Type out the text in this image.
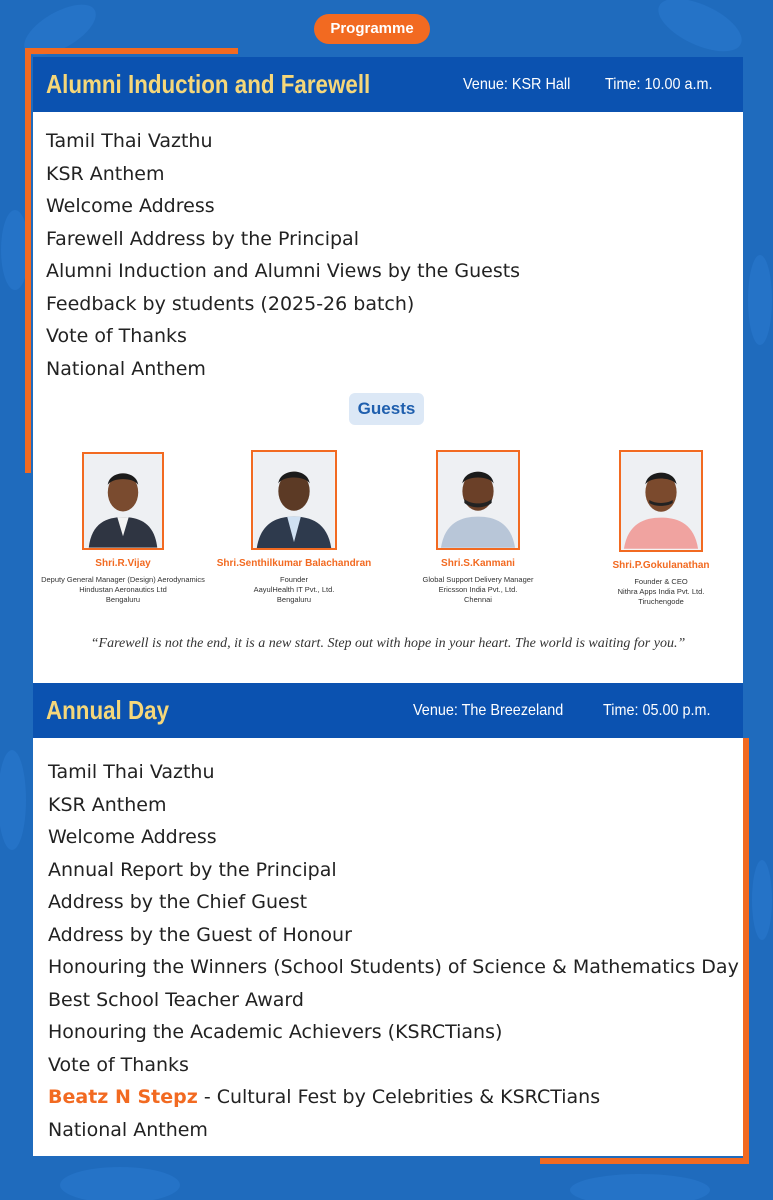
Programme
Alumni Induction and Farewell	Venue: KSR Hall Time: 10.00 a.m.
Tamil Thai Vazthu
KSR Anthem
Welcome Address
Farewell Address by the Principal
Alumni Induction and Alumni Views by the Guests
Feedback by students (2025-26 batch)
Vote of Thanks
National Anthem
Guests
Shri.R.Vijay
Deputy General Manager (Design) Aerodynamics
Hindustan Aeronautics Ltd
Bengaluru
Shri.Senthilkumar Balachandran
Founder
AayulHealth IT Pvt., Ltd.
Bengaluru
Shri.S.Kanmani
Global Support Delivery Manager
Ericsson India Pvt., Ltd.
Chennai
Shri.P.Gokulanathan
Founder & CEO
Nithra Apps India Pvt. Ltd.
Tiruchengode
“Farewell is not the end, it is a new start. Step out with hope in your heart. The world is waiting for you.”
Annual Day	Venue: The Breezeland Time: 05.00 p.m.
Tamil Thai Vazthu
KSR Anthem
Welcome Address
Annual Report by the Principal
Address by the Chief Guest
Address by the Guest of Honour
Honouring the Winners (School Students) of Science & Mathematics Day
Best School Teacher Award
Honouring the Academic Achievers (KSRCTians)
Vote of Thanks
Beatz N Stepz - Cultural Fest by Celebrities & KSRCTians
National Anthem
